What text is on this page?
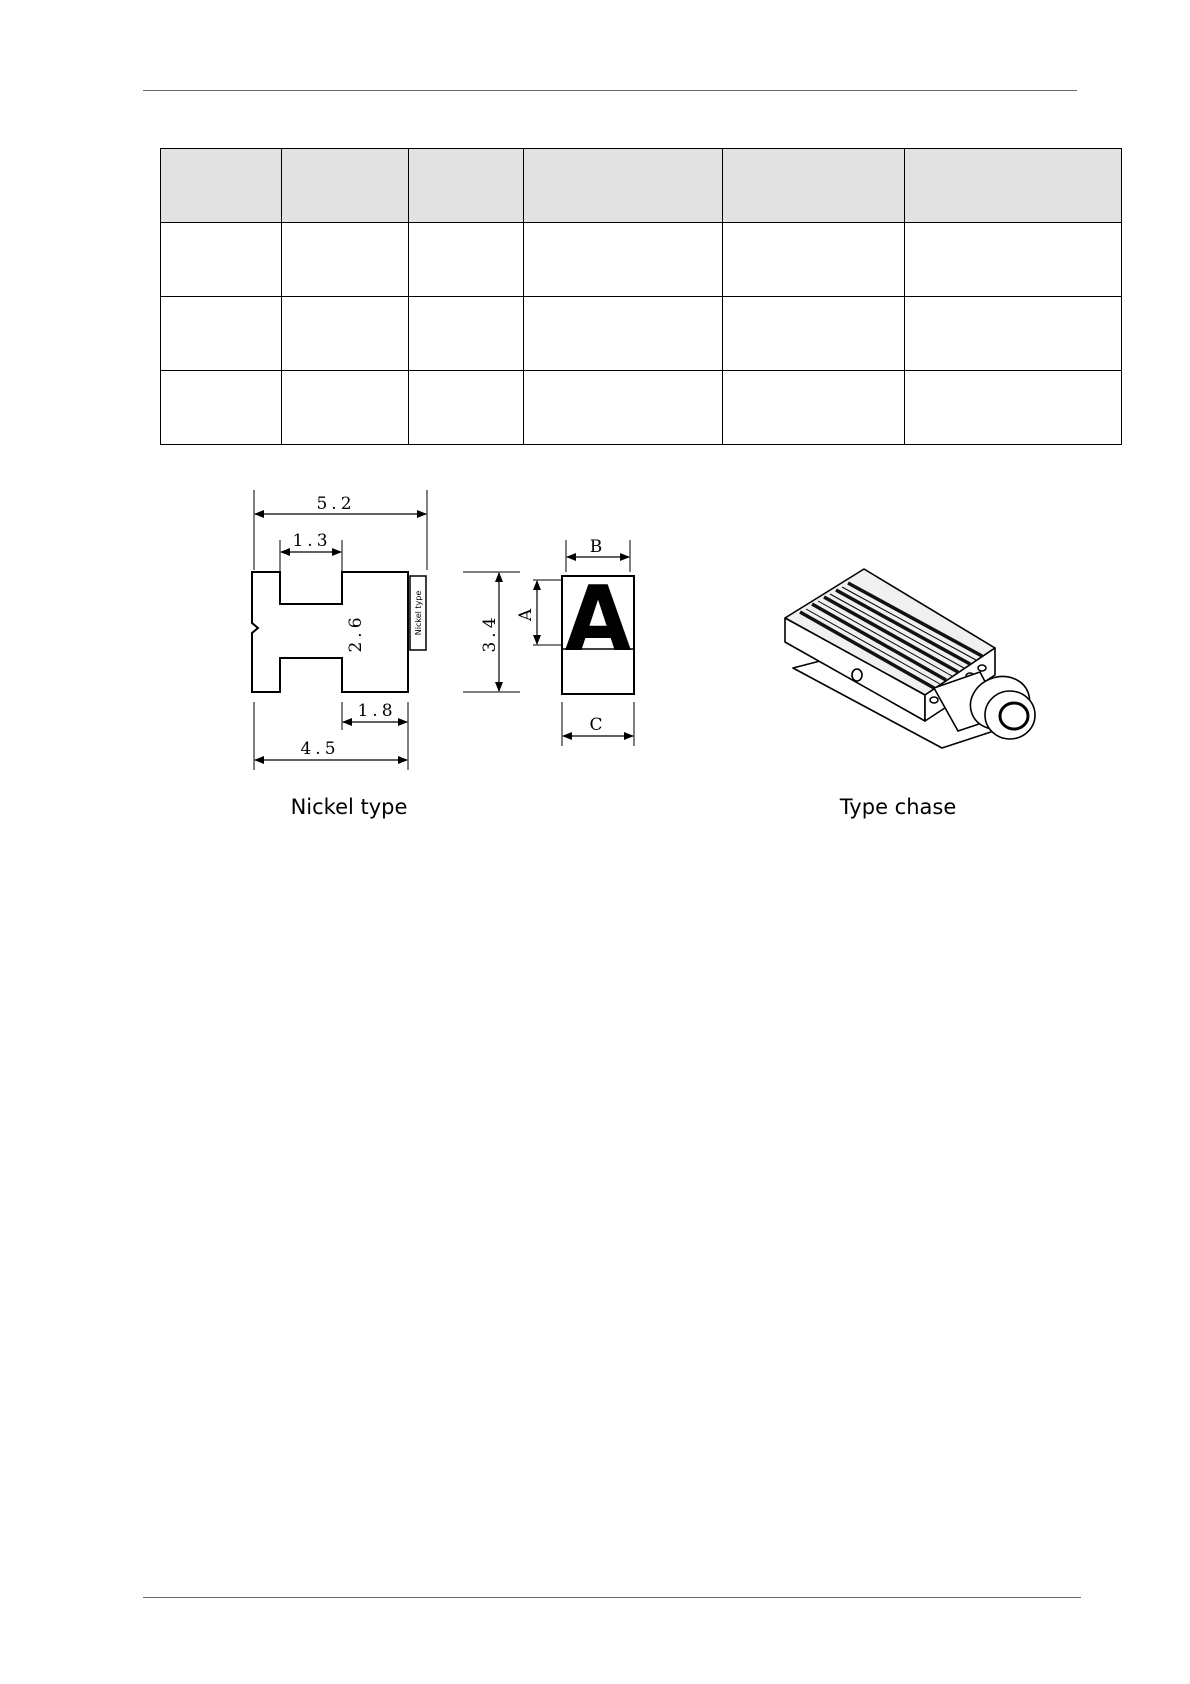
5.2
1.3
1.8
4.5
2.6	Nickel type A
3.4
A
B
C
Nickel type	Type chase
